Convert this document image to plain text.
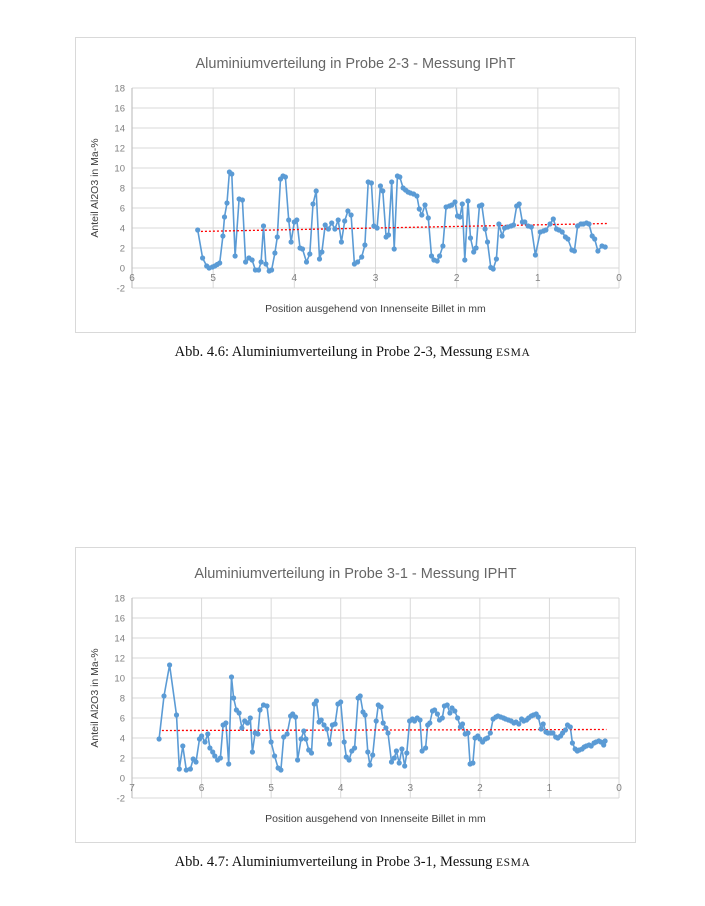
18
16
14
12
10
8
6
4
2
0
-2
6	5	4	3	2	1	0
Aluminiumverteilung in Probe 2-3 - Messung IPhT
Position ausgehend von Innenseite Billet in mm
Anteil Al2O3 in Ma-%
Abb. 4.6: Aluminiumverteilung in Probe 2-3, Messung ESMA
18
16
14
12
10
8
6
4
2
0
-2
7	6	5	4	3	2	1	0
Aluminiumverteilung in Probe 3-1 - Messung IPHT
Position ausgehend von Innenseite Billet in mm
Anteil Al2O3 in Ma-%
Abb. 4.7: Aluminiumverteilung in Probe 3-1, Messung ESMA
